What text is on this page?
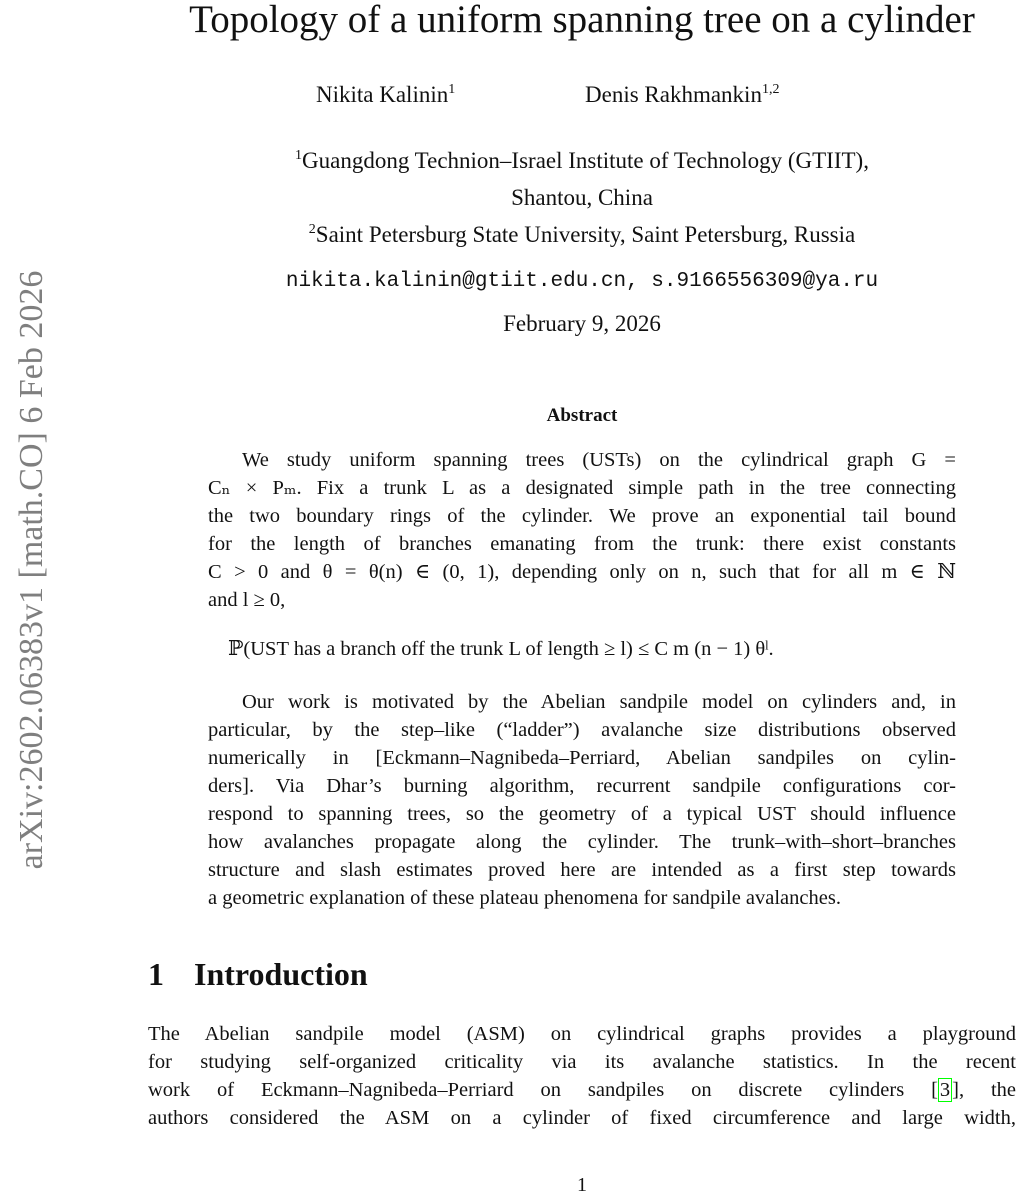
arXiv:2602.06383v1 [math.CO] 6 Feb 2026
Topology of a uniform spanning tree on a cylinder
Nikita Kalinin$^1$	Denis Rakhmankin$^{1,2}$
$^1$Guangdong Technion–Israel Institute of Technology (GTIIT),
Shantou, China
$^2$Saint Petersburg State University, Saint Petersburg, Russia
nikita.kalinin@gtiit.edu.cn, s.9166556309@ya.ru
February 9, 2026
Abstract
We study uniform spanning trees (USTs) on the cylindrical graph G =
Cₙ × Pₘ. Fix a trunk L as a designated simple path in the tree connecting
the two boundary rings of the cylinder. We prove an exponential tail bound
for the length of branches emanating from the trunk: there exist constants
C > 0 and θ = θ(n) ∈ (0, 1), depending only on n, such that for all m ∈ ℕ
and l ≥ 0,
ℙ(UST has a branch off the trunk L of length ≥ l) ≤ C m (n − 1) θˡ.
Our work is motivated by the Abelian sandpile model on cylinders and, in
particular, by the step–like (“ladder”) avalanche size distributions observed
numerically in [Eckmann–Nagnibeda–Perriard, Abelian sandpiles on cylin-
ders]. Via Dhar’s burning algorithm, recurrent sandpile configurations cor-
respond to spanning trees, so the geometry of a typical UST should influence
how avalanches propagate along the cylinder. The trunk–with–short–branches
structure and slash estimates proved here are intended as a first step towards
a geometric explanation of these plateau phenomena for sandpile avalanches.
1 Introduction
The Abelian sandpile model (ASM) on cylindrical graphs provides a playground
for studying self-organized criticality via its avalanche statistics. In the recent
work of Eckmann–Nagnibeda–Perriard on sandpiles on discrete cylinders [3], the
authors considered the ASM on a cylinder of fixed circumference and large width,
1
